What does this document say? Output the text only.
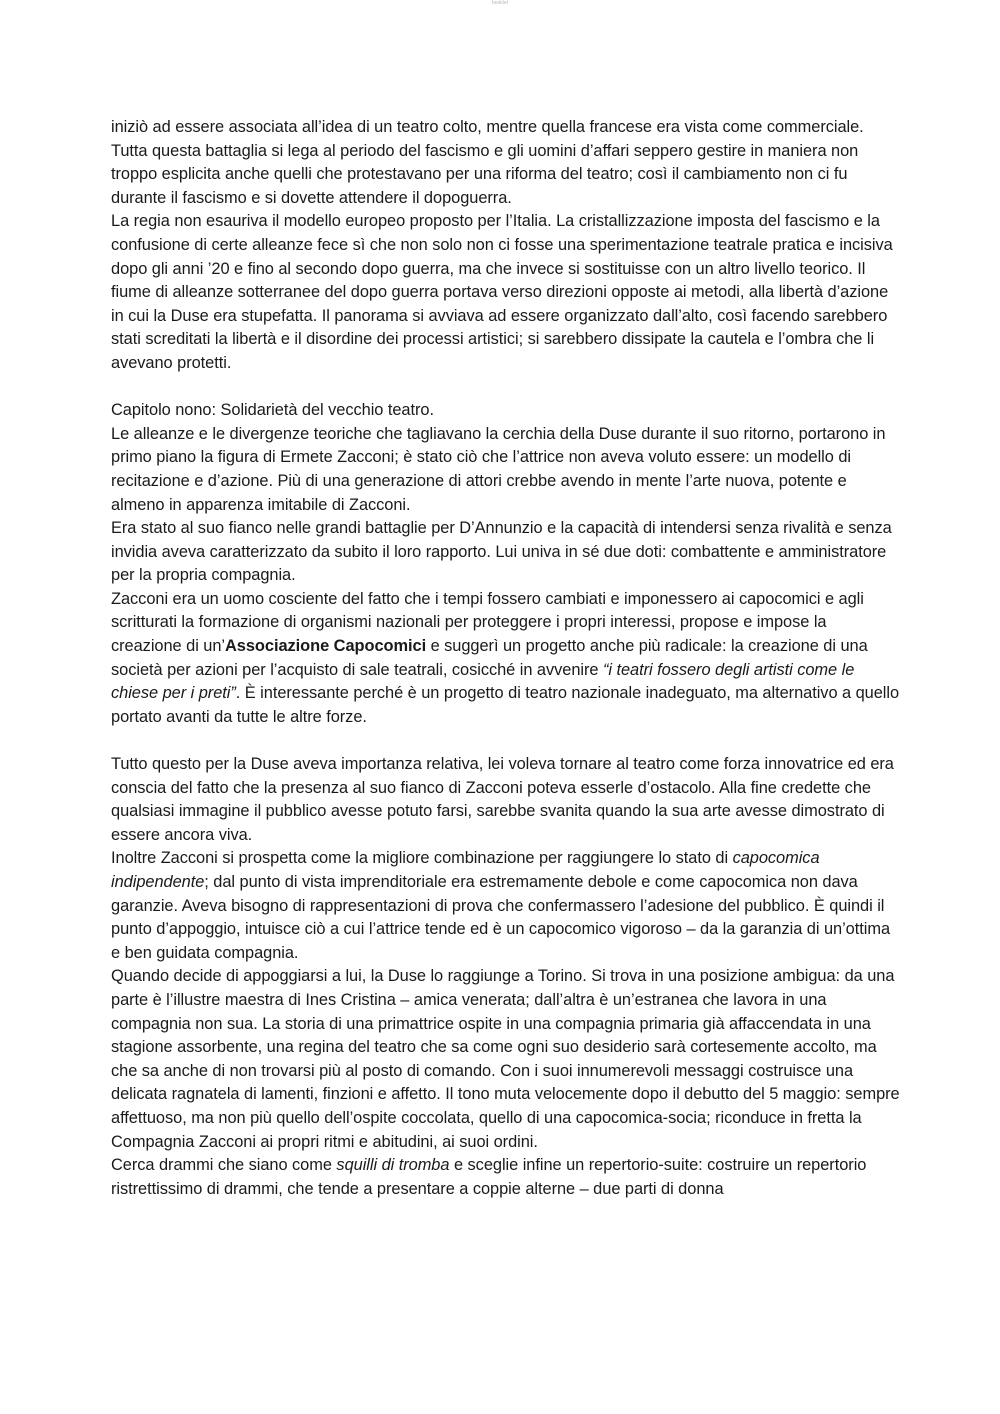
booklet

iniziò ad essere associata all’idea di un teatro colto, mentre quella francese era vista come commerciale.

Tutta questa battaglia si lega al periodo del fascismo e gli uomini d’affari seppero gestire in maniera non troppo esplicita anche quelli che protestavano per una riforma del teatro; così il cambiamento non ci fu durante il fascismo e si dovette attendere il dopoguerra.

La regia non esauriva il modello europeo proposto per l’Italia. La cristallizzazione imposta del fascismo e la confusione di certe alleanze fece sì che non solo non ci fosse una sperimentazione teatrale pratica e incisiva dopo gli anni ’20 e fino al secondo dopo guerra, ma che invece si sostituisse con un altro livello teorico. Il fiume di alleanze sotterranee del dopo guerra portava verso direzioni opposte ai metodi, alla libertà d’azione in cui la Duse era stupefatta. Il panorama si avviava ad essere organizzato dall’alto, così facendo sarebbero stati screditati la libertà e il disordine dei processi artistici; si sarebbero dissipate la cautela e l’ombra che li avevano protetti.

Capitolo nono: Solidarietà del vecchio teatro.

Le alleanze e le divergenze teoriche che tagliavano la cerchia della Duse durante il suo ritorno, portarono in primo piano la figura di Ermete Zacconi; è stato ciò che l’attrice non aveva voluto essere: un modello di recitazione e d’azione. Più di una generazione di attori crebbe avendo in mente l’arte nuova, potente e almeno in apparenza imitabile di Zacconi.

Era stato al suo fianco nelle grandi battaglie per D’Annunzio e la capacità di intendersi senza rivalità e senza invidia aveva caratterizzato da subito il loro rapporto. Lui univa in sé due doti: combattente e amministratore per la propria compagnia.

Zacconi era un uomo cosciente del fatto che i tempi fossero cambiati e imponessero ai capocomici e agli scritturati la formazione di organismi nazionali per proteggere i propri interessi, propose e impose la creazione di un’Associazione Capocomici e suggerì un progetto anche più radicale: la creazione di una società per azioni per l’acquisto di sale teatrali, cosicché in avvenire “i teatri fossero degli artisti come le chiese per i preti”. È interessante perché è un progetto di teatro nazionale inadeguato, ma alternativo a quello portato avanti da tutte le altre forze.

Tutto questo per la Duse aveva importanza relativa, lei voleva tornare al teatro come forza innovatrice ed era conscia del fatto che la presenza al suo fianco di Zacconi poteva esserle d’ostacolo. Alla fine credette che qualsiasi immagine il pubblico avesse potuto farsi, sarebbe svanita quando la sua arte avesse dimostrato di essere ancora viva.

Inoltre Zacconi si prospetta come la migliore combinazione per raggiungere lo stato di capocomica indipendente; dal punto di vista imprenditoriale era estremamente debole e come capocomica non dava garanzie. Aveva bisogno di rappresentazioni di prova che confermassero l’adesione del pubblico. È quindi il punto d’appoggio, intuisce ciò a cui l’attrice tende ed è un capocomico vigoroso – da la garanzia di un’ottima e ben guidata compagnia.

Quando decide di appoggiarsi a lui, la Duse lo raggiunge a Torino. Si trova in una posizione ambigua: da una parte è l’illustre maestra di Ines Cristina – amica venerata; dall’altra è un’estranea che lavora in una compagnia non sua. La storia di una primattrice ospite in una compagnia primaria già affaccendata in una stagione assorbente, una regina del teatro che sa come ogni suo desiderio sarà cortesemente accolto, ma che sa anche di non trovarsi più al posto di comando. Con i suoi innumerevoli messaggi costruisce una delicata ragnatela di lamenti, finzioni e affetto. Il tono muta velocemente dopo il debutto del 5 maggio: sempre affettuoso, ma non più quello dell’ospite coccolata, quello di una capocomica-socia; riconduce in fretta la Compagnia Zacconi ai propri ritmi e abitudini, ai suoi ordini.

Cerca drammi che siano come squilli di tromba e sceglie infine un repertorio-suite: costruire un repertorio ristrettissimo di drammi, che tende a presentare a coppie alterne – due parti di donna
